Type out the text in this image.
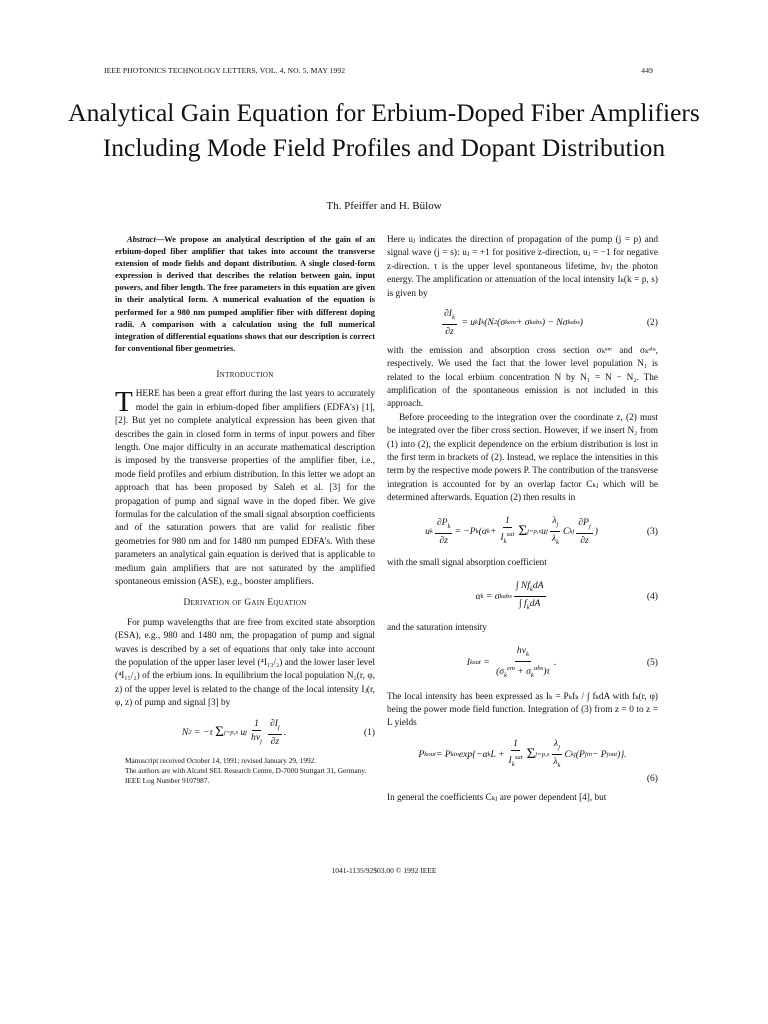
IEEE PHOTONICS TECHNOLOGY LETTERS, VOL. 4, NO. 5, MAY 1992	449
Analytical Gain Equation for Erbium-Doped Fiber Amplifiers Including Mode Field Profiles and Dopant Distribution
Th. Pfeiffer and H. Bülow
Abstract—We propose an analytical description of the gain of an erbium-doped fiber amplifier that takes into account the transverse extension of mode fields and dopant distribution. A single closed-form expression is derived that describes the relation between gain, input powers, and fiber length. The free parameters in this equation are given in their analytical form. A numerical evaluation of the equation is performed for a 980 nm pumped amplifier fiber with different doping radii. A comparison with a calculation using the full numerical integration of differential equations shows that our description is correct for conventional fiber geometries.
Introduction

THERE has been a great effort during the last years to accurately model the gain in erbium-doped fiber amplifiers (EDFA's) [1], [2]. But yet no complete analytical expression has been given that describes the gain in closed form in terms of input powers and fiber length. One major difficulty in an accurate mathematical description is imposed by the transverse properties of the amplifier fiber, i.e., mode field profiles and erbium distribution. In this letter we adopt an approach that has been proposed by Saleh et al. [3] for the propagation of pump and signal wave in the doped fiber. We give formulas for the calculation of the small signal absorption coefficients and of the saturation powers that are valid for realistic fiber geometries for 980 nm and for 1480 nm pumped EDFA's. With these parameters an analytical gain equation is derived that is applicable to medium gain amplifiers that are not saturated by the amplified spontaneous emission (ASE), e.g., booster amplifiers.

Derivation of Gain Equation

For pump wavelengths that are free from excited state absorption (ESA), e.g., 980 and 1480 nm, the propagation of pump and signal waves is described by a set of equations that only take into account the population of the upper laser level (⁴I₁₃/₂) and the lower laser level (⁴I₁₅/₂) of the erbium ions. In equilibrium the local population N₂(r, φ, z) of the upper level is related to the change of the local intensity Iⱼ(r, φ, z) of pump and signal [3] by

N 2 = −τ Σ j=p,s u j $\frac{1}{h\nu_j} \frac{\partial I_j}{\partial z}$ .	(1)
Manuscript received October 14, 1991; revised January 29, 1992.
The authors are with Alcatel SEL Research Centre, D-7000 Stuttgart 31, Germany.
IEEE Log Number 9107987.

Here uⱼ indicates the direction of propagation of the pump (j = p) and signal wave (j = s): uⱼ = +1 for positive z-direction, uⱼ = −1 for negative z-direction. τ is the upper level spontaneous lifetime, hνⱼ the photon energy. The amplification or attenuation of the local intensity Iₖ(k = p, s) is given by

$\frac{\partial I_k}{\partial z} = u$ k I k (N 2 (σ k em + σ k abs ) − Nσ k abs )	(2)

with the emission and absorption cross section σₖᵉᵐ and σₖᵃᵇˢ, respectively. We used the fact that the lower level population N₁ is related to the local erbium concentration N by N₁ = N − N₂. The amplification of the spontaneous emission is not included in this approach.

Before proceeding to the integration over the coordinate z, (2) must be integrated over the fiber cross section. However, if we insert N₂ from (1) into (2), the explicit dependence on the erbium distribution is lost in the first term in brackets of (2). Instead, we replace the intensities in this term by the respective mode powers P. The contribution of the transverse integration is accounted for by an overlap factor Cₖⱼ which will be determined afterwards. Equation (2) then results in

u k $\frac{\partial P_k}{\partial z} = -P$ k (α $k + \frac{1}{I_k^{sat}}$ Σ j=p,s u j $\frac{\lambda_j}{\lambda_k}$ C kj $\frac{\partial P_j}{\partial z}$ )	(3)

with the small signal absorption coefficient

α k = σ k abs $\frac{\int Nf_kdA}{\int f_kdA}$	(4)

and the saturation intensity

I k sat = $\frac{h\nu_k}{(\sigma_k^{em} + \sigma_k^{abs})\tau}$ .	(5)

The local intensity has been expressed as Iₖ = Pₖfₖ / ∫ fₖdA with fₖ(r, φ) being the power mode field function. Integration of (3) from z = 0 to z = L yields

P k out = P k in exp{−α k $L + \frac{1}{I_k^{sat}}$ Σ $j=p,s \frac{\lambda_j}{\lambda_k}$ C kj (P j in − P j out )}.
(6)

In general the coefficients Cₖⱼ are power dependent [4], but

1041-1135/92$03.00 © 1992 IEEE
